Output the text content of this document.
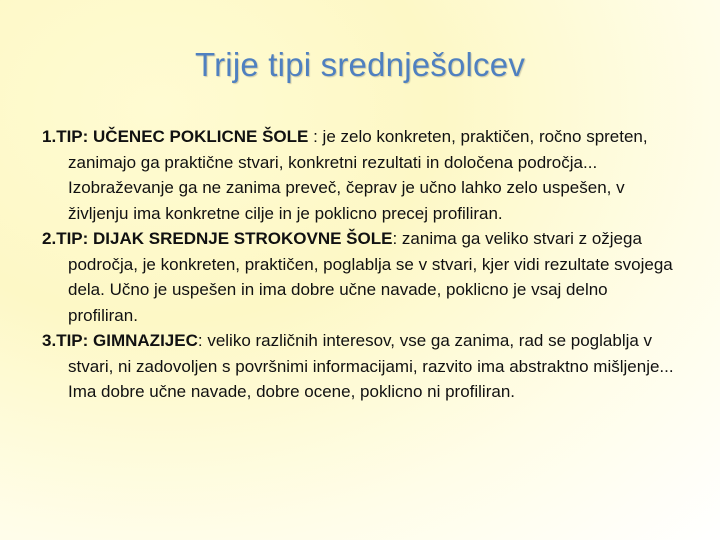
Trije tipi srednješolcev

1.TIP: UČENEC POKLICNE ŠOLE : je zelo konkreten, praktičen, ročno spreten, zanimajo ga praktične stvari, konkretni rezultati in določena področja... Izobraževanje ga ne zanima preveč, čeprav je učno lahko zelo uspešen, v življenju ima konkretne cilje in je poklicno precej profiliran.

2.TIP: DIJAK SREDNJE STROKOVNE ŠOLE: zanima ga veliko stvari z ožjega področja, je konkreten, praktičen, poglablja se v stvari, kjer vidi rezultate svojega dela. Učno je uspešen in ima dobre učne navade, poklicno je vsaj delno profiliran.

3.TIP: GIMNAZIJEC: veliko različnih interesov, vse ga zanima, rad se poglablja v stvari, ni zadovoljen s površnimi informacijami, razvito ima abstraktno mišljenje... Ima dobre učne navade, dobre ocene, poklicno ni profiliran.
